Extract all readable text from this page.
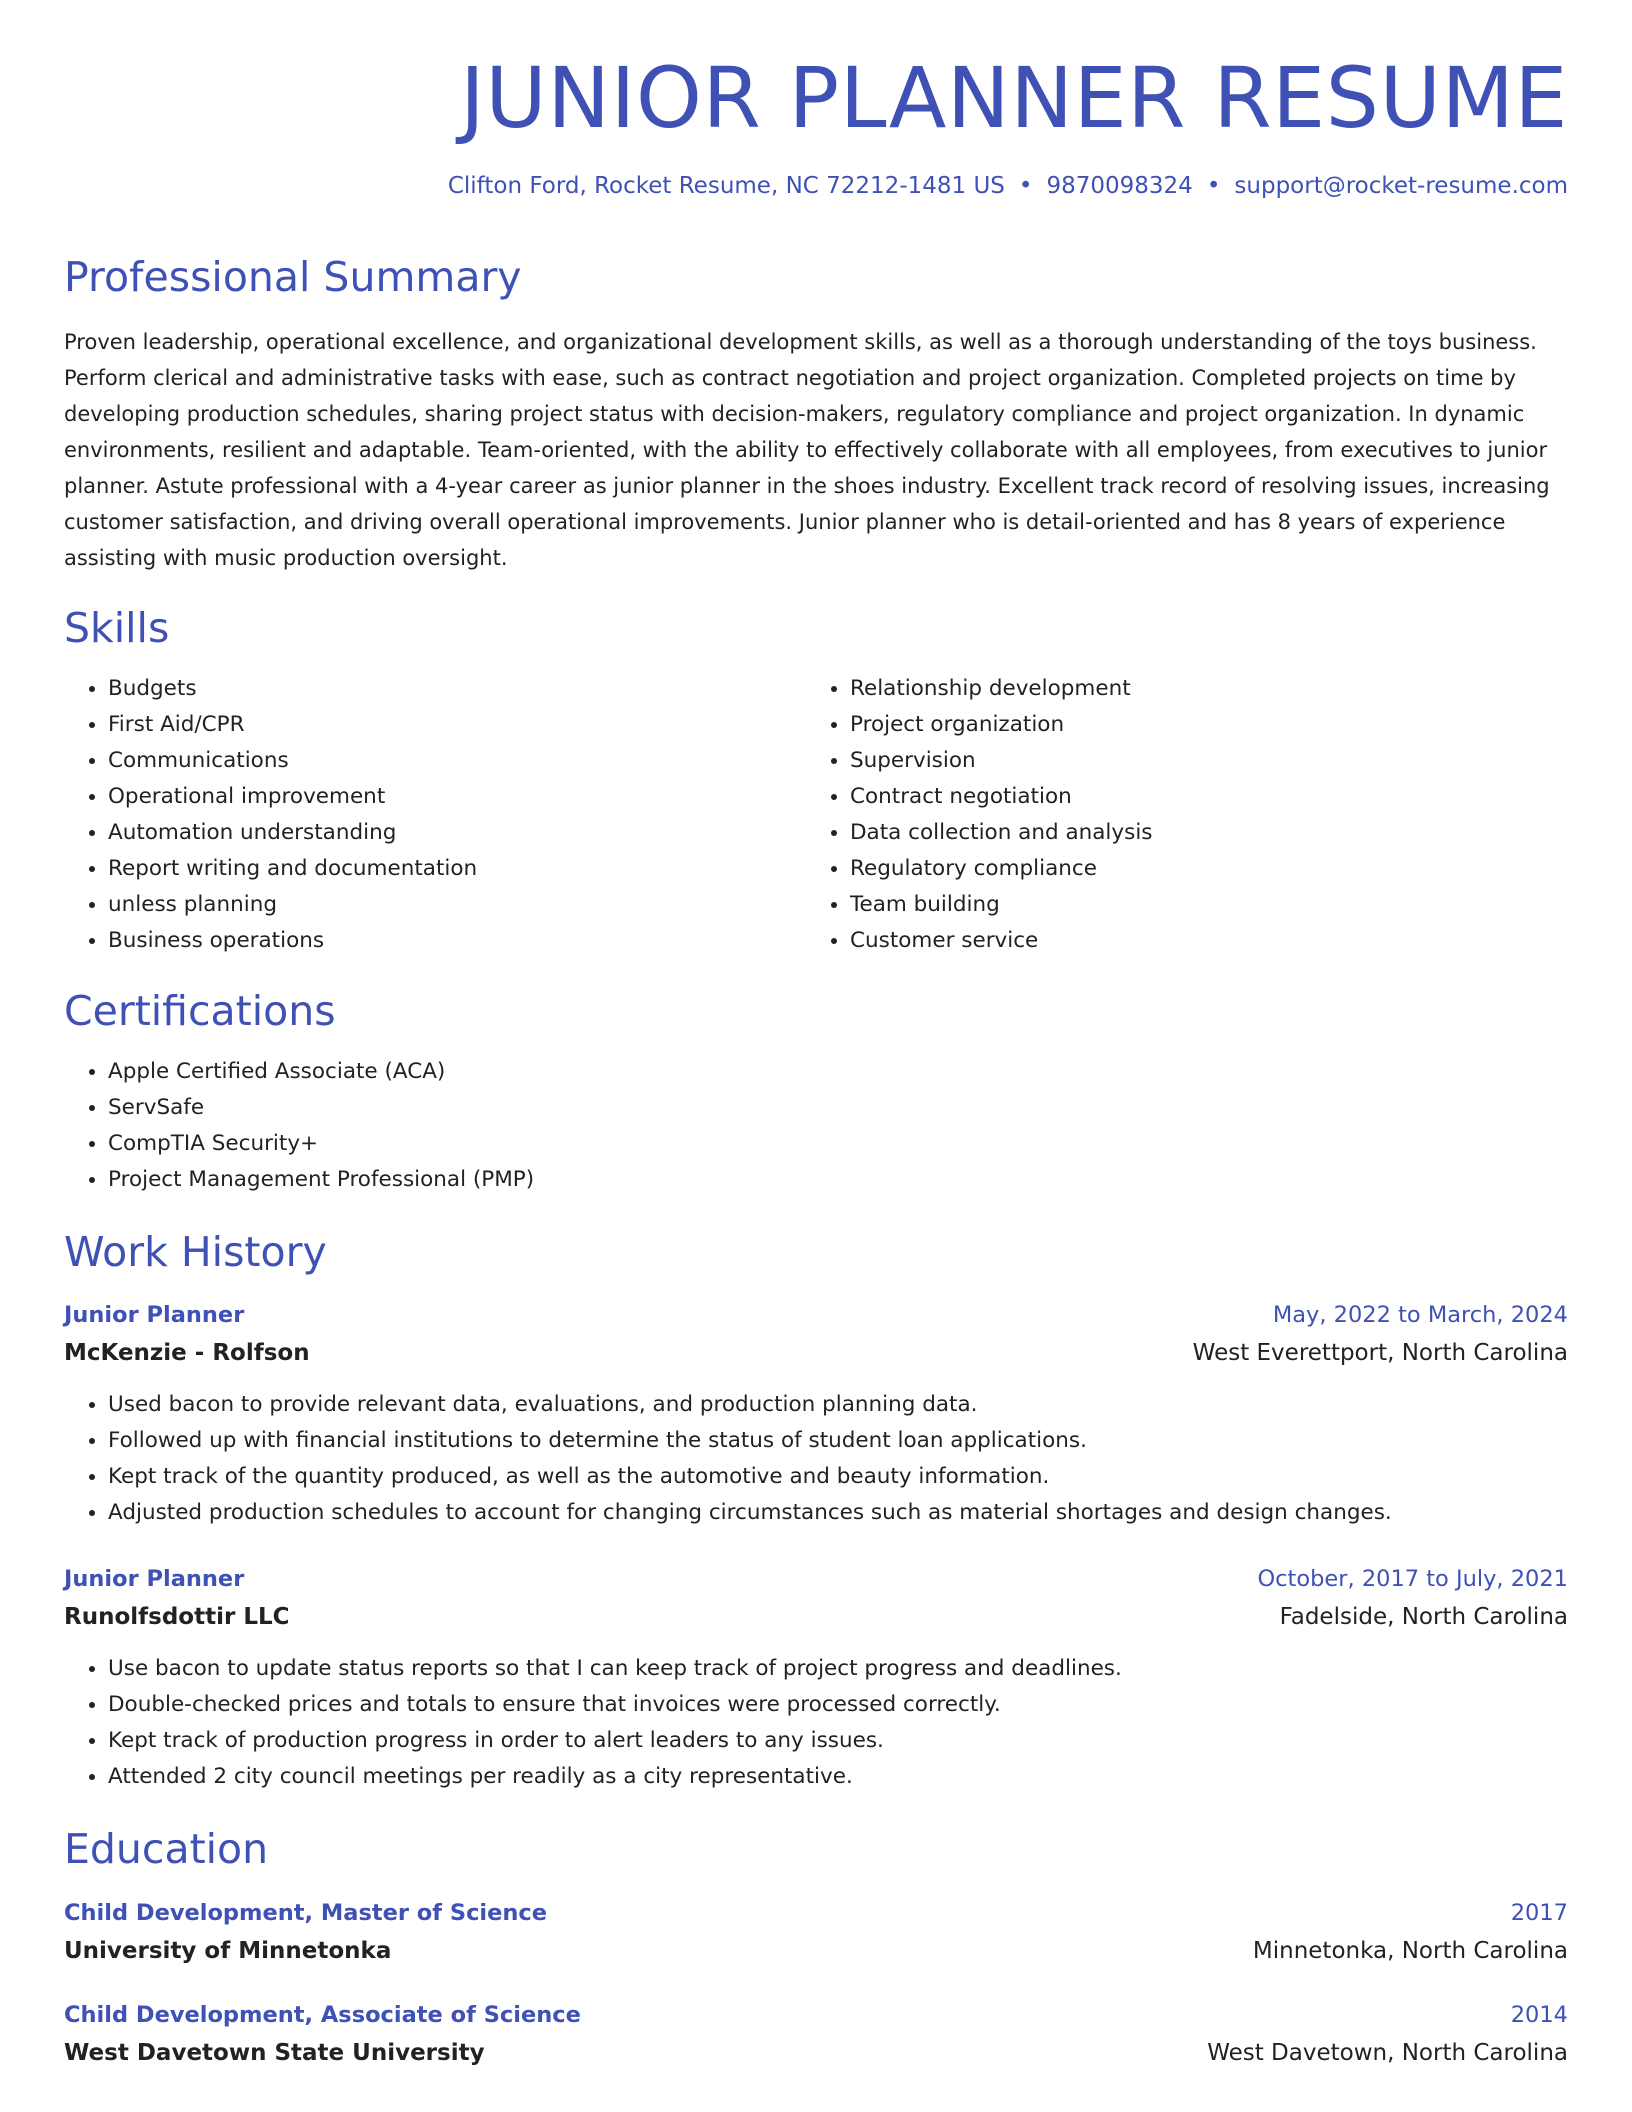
JUNIOR PLANNER RESUME
Clifton Ford, Rocket Resume, NC 72212-1481 US • 9870098324 • support@rocket-resume.com
Professional Summary

Proven leadership, operational excellence, and organizational development skills, as well as a thorough understanding of the toys business. Perform clerical and administrative tasks with ease, such as contract negotiation and project organization. Completed projects on time by developing production schedules, sharing project status with decision-makers, regulatory compliance and project organization. In dynamic environments, resilient and adaptable. Team-oriented, with the ability to effectively collaborate with all employees, from executives to junior planner. Astute professional with a 4-year career as junior planner in the shoes industry. Excellent track record of resolving issues, increasing customer satisfaction, and driving overall operational improvements. Junior planner who is detail-oriented and has 8 years of experience assisting with music production oversight.

Skills
• Budgets
• First Aid/CPR
• Communications
• Operational improvement
• Automation understanding
• Report writing and documentation
• unless planning
• Business operations
• Relationship development
• Project organization
• Supervision
• Contract negotiation
• Data collection and analysis
• Regulatory compliance
• Team building
• Customer service
Certifications
• Apple Certified Associate (ACA)
• ServSafe
• CompTIA Security+
• Project Management Professional (PMP)
Work History
Junior Planner	May, 2022 to March, 2024
McKenzie - Rolfson	West Everettport, North Carolina
• Used bacon to provide relevant data, evaluations, and production planning data.
• Followed up with financial institutions to determine the status of student loan applications.
• Kept track of the quantity produced, as well as the automotive and beauty information.
• Adjusted production schedules to account for changing circumstances such as material shortages and design changes.
Junior Planner	October, 2017 to July, 2021
Runolfsdottir LLC	Fadelside, North Carolina
• Use bacon to update status reports so that I can keep track of project progress and deadlines.
• Double-checked prices and totals to ensure that invoices were processed correctly.
• Kept track of production progress in order to alert leaders to any issues.
• Attended 2 city council meetings per readily as a city representative.
Education
Child Development, Master of Science	2017
University of Minnetonka	Minnetonka, North Carolina
Child Development, Associate of Science	2014
West Davetown State University	West Davetown, North Carolina
